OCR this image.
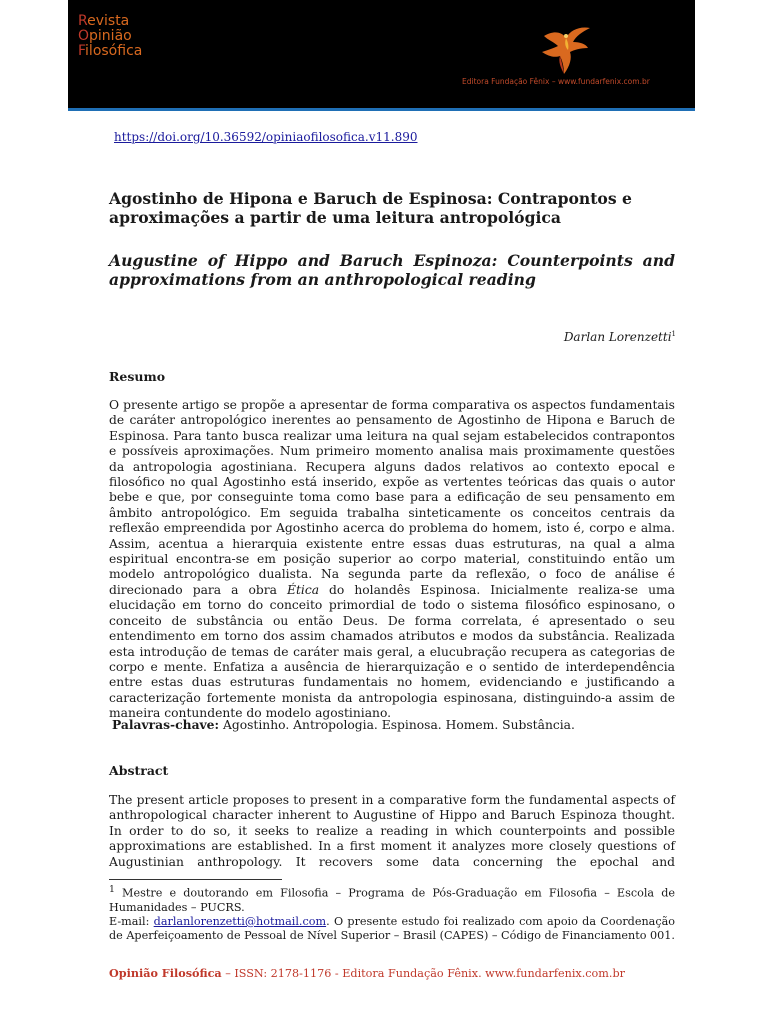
Revista
Opinião
Filosófica
Editora Fundação Fênix – www.fundarfenix.com.br
https://doi.org/10.36592/opiniaofilosofica.v11.890
Agostinho de Hipona e Baruch de Espinosa: Contrapontos e aproximações a partir de uma leitura antropológica
Augustine of Hippo and Baruch Espinoza: Counterpoints and approximations from an anthropological reading
Darlan Lorenzetti$^1$
Resumo

O presente artigo se propõe a apresentar de forma comparativa os aspectos fundamentais de caráter antropológico inerentes ao pensamento de Agostinho de Hipona e Baruch de Espinosa. Para tanto busca realizar uma leitura na qual sejam estabelecidos contrapontos e possíveis aproximações. Num primeiro momento analisa mais proximamente questões da antropologia agostiniana. Recupera alguns dados relativos ao contexto epocal e filosófico no qual Agostinho está inserido, expõe as vertentes teóricas das quais o autor bebe e que, por conseguinte toma como base para a edificação de seu pensamento em âmbito antropológico. Em seguida trabalha sinteticamente os conceitos centrais da reflexão empreendida por Agostinho acerca do problema do homem, isto é, corpo e alma. Assim, acentua a hierarquia existente entre essas duas estruturas, na qual a alma espiritual encontra-se em posição superior ao corpo material, constituindo então um modelo antropológico dualista. Na segunda parte da reflexão, o foco de análise é direcionado para a obra Ética do holandês Espinosa. Inicialmente realiza-se uma elucidação em torno do conceito primordial de todo o sistema filosófico espinosano, o conceito de substância ou então Deus. De forma correlata, é apresentado o seu entendimento em torno dos assim chamados atributos e modos da substância. Realizada esta introdução de temas de caráter mais geral, a elucubração recupera as categorias de corpo e mente. Enfatiza a ausência de hierarquização e o sentido de interdependência entre estas duas estruturas fundamentais no homem, evidenciando e justificando a caracterização fortemente monista da antropologia espinosana, distinguindo-a assim de maneira contundente do modelo agostiniano.

Palavras-chave: Agostinho. Antropologia. Espinosa. Homem. Substância.
Abstract

The present article proposes to present in a comparative form the fundamental aspects of anthropological character inherent to Augustine of Hippo and Baruch Espinoza thought. In order to do so, it seeks to realize a reading in which counterpoints and possible approximations are established. In a first moment it analyzes more closely questions of Augustinian anthropology. It recovers some data concerning the epochal and

$^1$ Mestre e doutorando em Filosofia – Programa de Pós-Graduação em Filosofia – Escola de Humanidades – PUCRS.
E-mail: darlanlorenzetti@hotmail.com. O presente estudo foi realizado com apoio da Coordenação de Aperfeiçoamento de Pessoal de Nível Superior – Brasil (CAPES) – Código de Financiamento 001.

Opinião Filosófica – ISSN: 2178-1176 - Editora Fundação Fênix. www.fundarfenix.com.br
